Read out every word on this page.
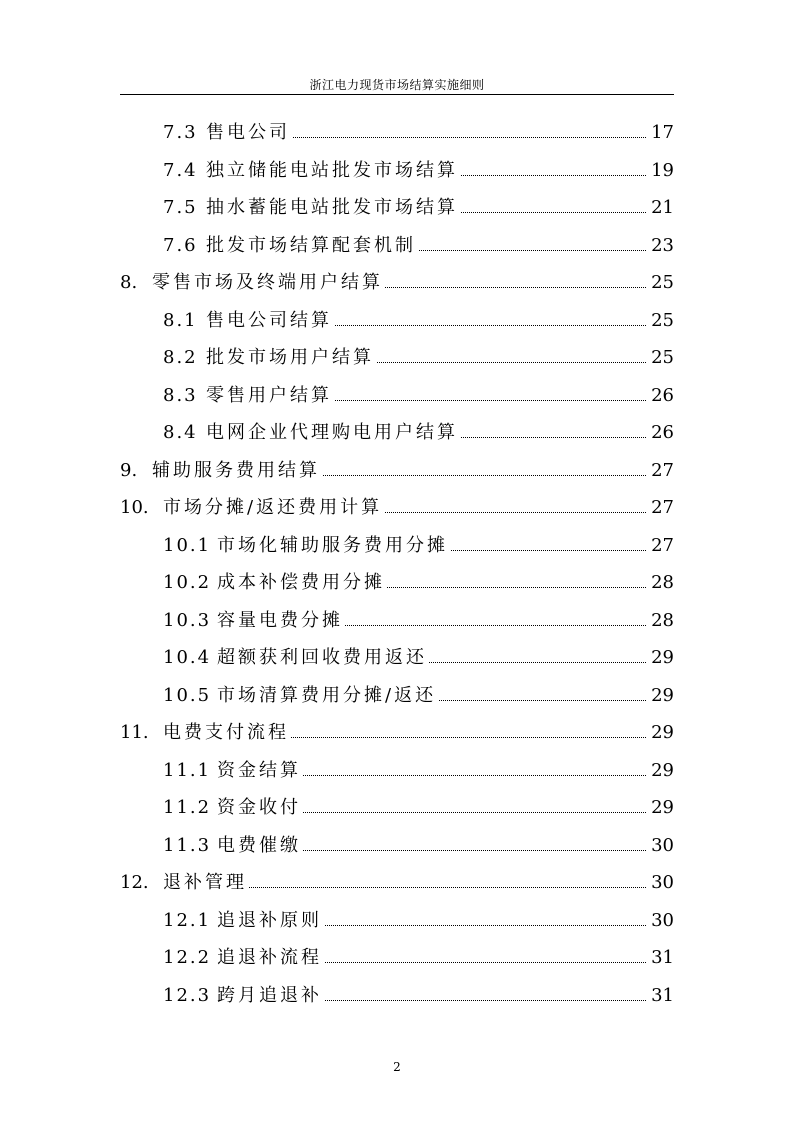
浙江电力现货市场结算实施细则
7.3 售电公司	17
7.4 独立储能电站批发市场结算	19
7.5 抽水蓄能电站批发市场结算	21
7.6 批发市场结算配套机制	23
8. 零售市场及终端用户结算	25
8.1 售电公司结算	25
8.2 批发市场用户结算	25
8.3 零售用户结算	26
8.4 电网企业代理购电用户结算	26
9. 辅助服务费用结算	27
10. 市场分摊/返还费用计算	27
10.1 市场化辅助服务费用分摊	27
10.2 成本补偿费用分摊	28
10.3 容量电费分摊	28
10.4 超额获利回收费用返还	29
10.5 市场清算费用分摊/返还	29
11. 电费支付流程	29
11.1 资金结算	29
11.2 资金收付	29
11.3 电费催缴	30
12. 退补管理	30
12.1 追退补原则	30
12.2 追退补流程	31
12.3 跨月追退补	31
2
